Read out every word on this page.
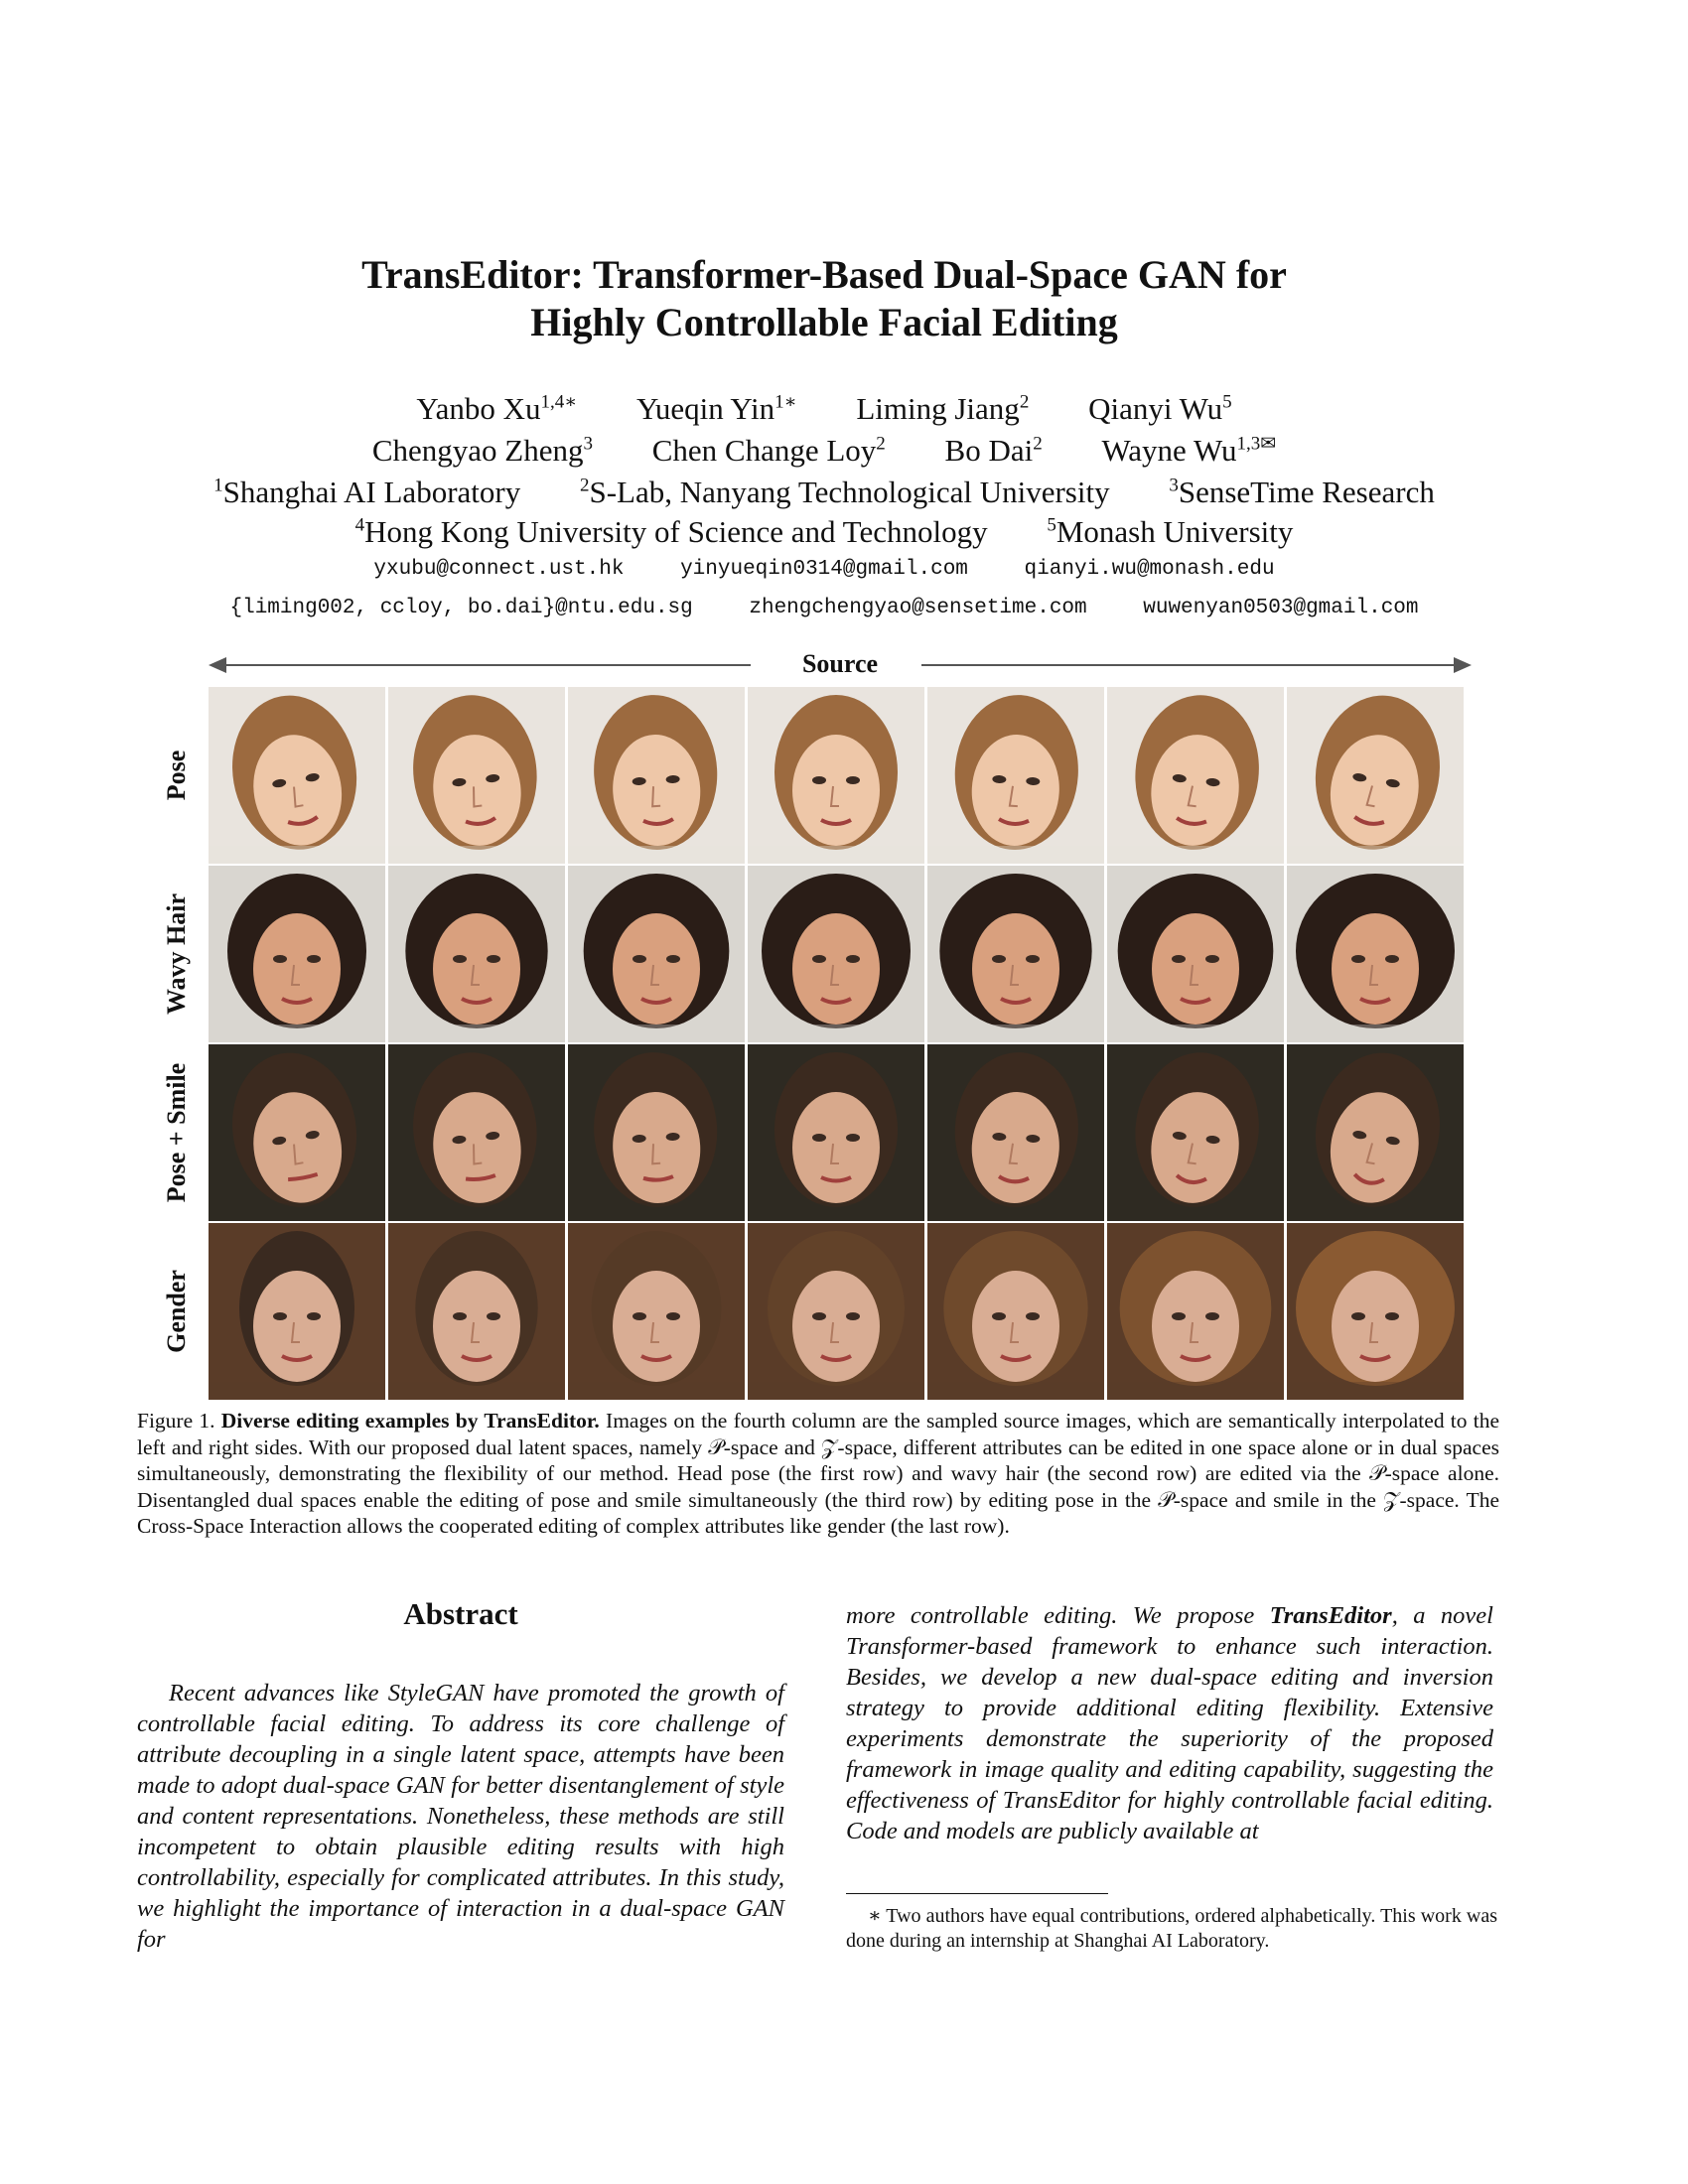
TransEditor: Transformer-Based Dual-Space GAN for
Highly Controllable Facial Editing
Yanbo $Xu^{1,4∗}$ Yueqin Yin$^{1∗}$ Liming Jiang$^2$ Qianyi Wu$^5$
Chengyao Zheng$^3$ Chen Change Loy$^2$ Bo Dai$^2$ Wayne $Wu^{1,3✉}$
$^1$Shanghai AI Laboratory	$^2$S-Lab, Nanyang Technological University	$^3$SenseTime Research
$^4$Hong Kong University of Science and Technology	$^5$Monash University
yxubu@connect.ust.hk	yinyueqin0314@gmail.com	qianyi.wu@monash.edu
{liming002, ccloy, bo.dai}@ntu.edu.sg	zhengchengyao@sensetime.com	wuwenyan0503@gmail.com
Source
Pose
Wavy Hair
Pose + Smile
Gender
Figure 1. Diverse editing examples by TransEditor. Images on the fourth column are the sampled source images, which are semantically interpolated to the left and right sides. With our proposed dual latent spaces, namely 𝒫-space and 𝒵-space, different attributes can be edited in one space alone or in dual spaces simultaneously, demonstrating the flexibility of our method. Head pose (the first row) and wavy hair (the second row) are edited via the 𝒫-space alone. Disentangled dual spaces enable the editing of pose and smile simultaneously (the third row) by editing pose in the 𝒫-space and smile in the 𝒵-space. The Cross-Space Interaction allows the cooperated editing of complex attributes like gender (the last row).
Abstract
Recent advances like StyleGAN have promoted the growth of controllable facial editing. To address its core challenge of attribute decoupling in a single latent space, attempts have been made to adopt dual-space GAN for better disentanglement of style and content representations. Nonetheless, these methods are still incompetent to obtain plausible editing results with high controllability, especially for complicated attributes. In this study, we highlight the importance of interaction in a dual-space GAN for
more controllable editing. We propose TransEditor, a novel Transformer-based framework to enhance such interaction. Besides, we develop a new dual-space editing and inversion strategy to provide additional editing flexibility. Extensive experiments demonstrate the superiority of the proposed framework in image quality and editing capability, suggesting the effectiveness of TransEditor for highly controllable facial editing. Code and models are publicly available at
∗ Two authors have equal contributions, ordered alphabetically. This work was done during an internship at Shanghai AI Laboratory.
